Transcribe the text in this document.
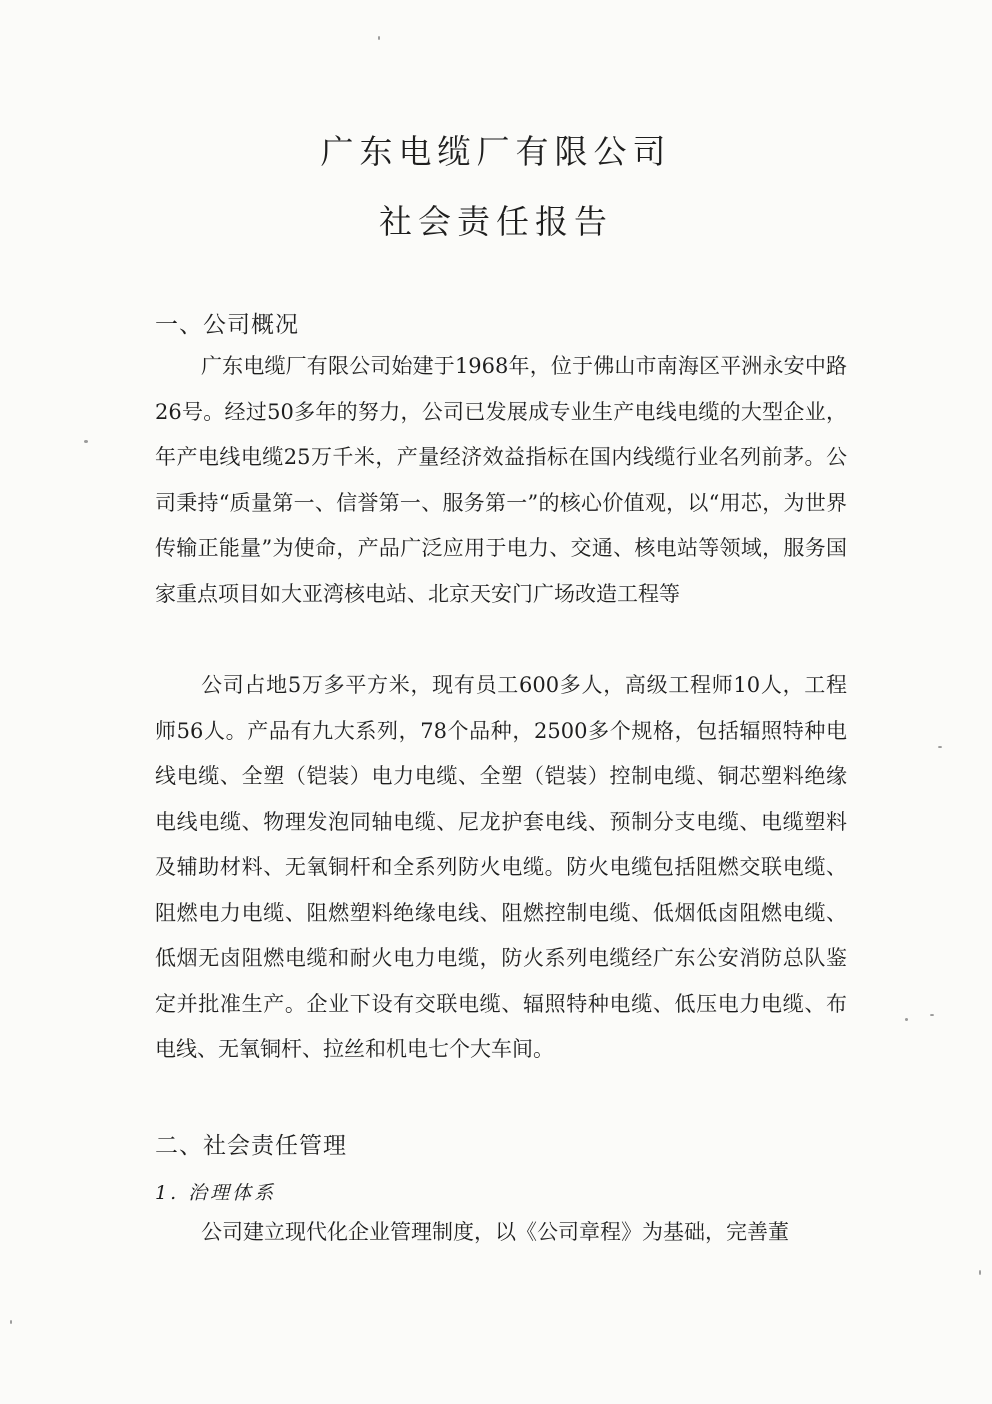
广东电缆厂有限公司
社会责任报告
一、公司概况

广东电缆厂有限公司始建于1968年，位于佛山市南海区平洲永安中路26号。经过50多年的努力，公司已发展成专业生产电线电缆的大型企业，年产电线电缆25万千米，产量经济效益指标在国内线缆行业名列前茅。公司秉持“质量第一、信誉第一、服务第一”的核心价值观，以“用芯，为世界传输正能量”为使命，产品广泛应用于电力、交通、核电站等领域，服务国家重点项目如大亚湾核电站、北京天安门广场改造工程等

公司占地5万多平方米，现有员工600多人，高级工程师10人，工程师56人。产品有九大系列，78个品种，2500多个规格，包括辐照特种电线电缆、全塑（铠装）电力电缆、全塑（铠装）控制电缆、铜芯塑料绝缘电线电缆、物理发泡同轴电缆、尼龙护套电线、预制分支电缆、电缆塑料及辅助材料、无氧铜杆和全系列防火电缆。防火电缆包括阻燃交联电缆、阻燃电力电缆、阻燃塑料绝缘电线、阻燃控制电缆、低烟低卤阻燃电缆、低烟无卤阻燃电缆和耐火电力电缆，防火系列电缆经广东公安消防总队鉴定并批准生产。企业下设有交联电缆、辐照特种电缆、低压电力电缆、布电线、无氧铜杆、拉丝和机电七个大车间。

二、社会责任管理
1. 治理体系

公司建立现代化企业管理制度，以《公司章程》为基础，完善董
